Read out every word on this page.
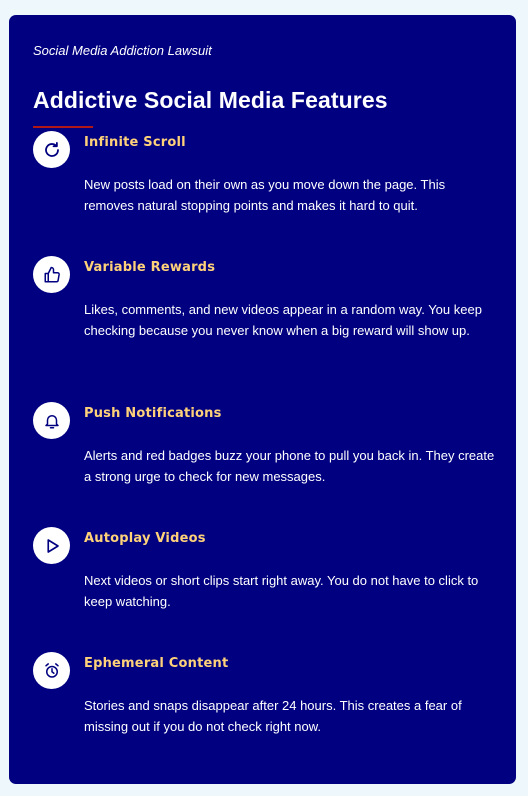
Social Media Addiction Lawsuit
Addictive Social Media Features
Infinite Scroll
New posts load on their own as you move down the page. This removes natural stopping points and makes it hard to quit.
Variable Rewards
Likes, comments, and new videos appear in a random way. You keep checking because you never know when a big reward will show up.
Push Notifications
Alerts and red badges buzz your phone to pull you back in. They create a strong urge to check for new messages.
Autoplay Videos
Next videos or short clips start right away. You do not have to click to keep watching.
Ephemeral Content
Stories and snaps disappear after 24 hours. This creates a fear of missing out if you do not check right now.
